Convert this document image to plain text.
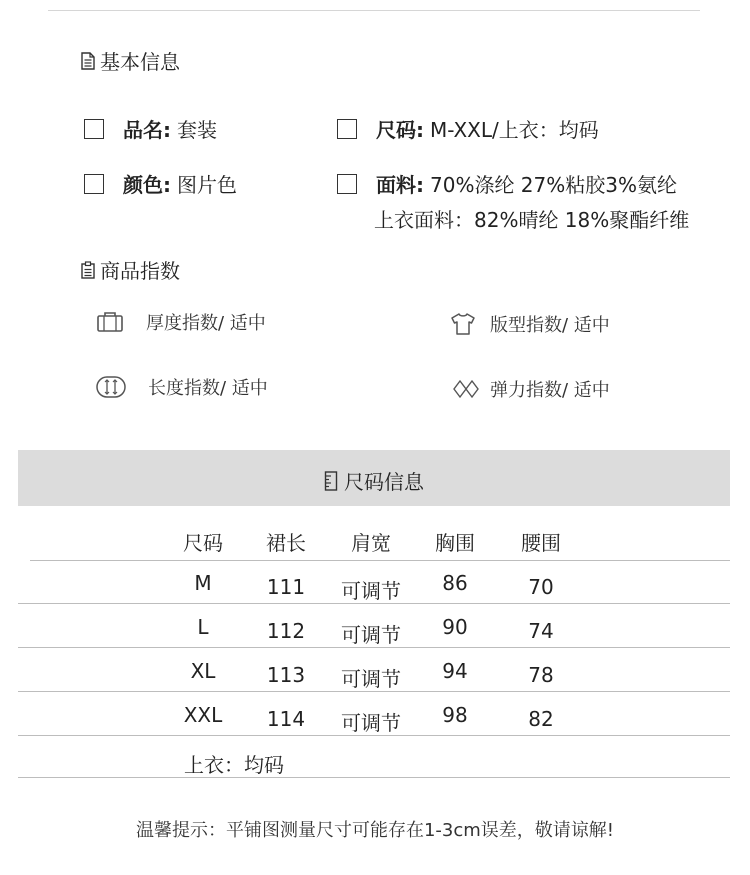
基本信息
品名: 套装	尺码: M-XXL/上衣：均码
颜色: 图片色	面料: 70%涤纶 27%粘胶3%氨纶
上衣面料：82%晴纶 18%聚酯纤维
商品指数
厚度指数/ 适中	版型指数/ 适中
长度指数/ 适中	弹力指数/ 适中
尺码信息
尺码	裙长	肩宽	胸围	腰围
M	111	可调节	86	70
L	112	可调节	90	74
XL	113	可调节	94	78
XXL	114	可调节	98	82
上衣：均码
温馨提示：平铺图测量尺寸可能存在1-3cm误差，敬请谅解!
